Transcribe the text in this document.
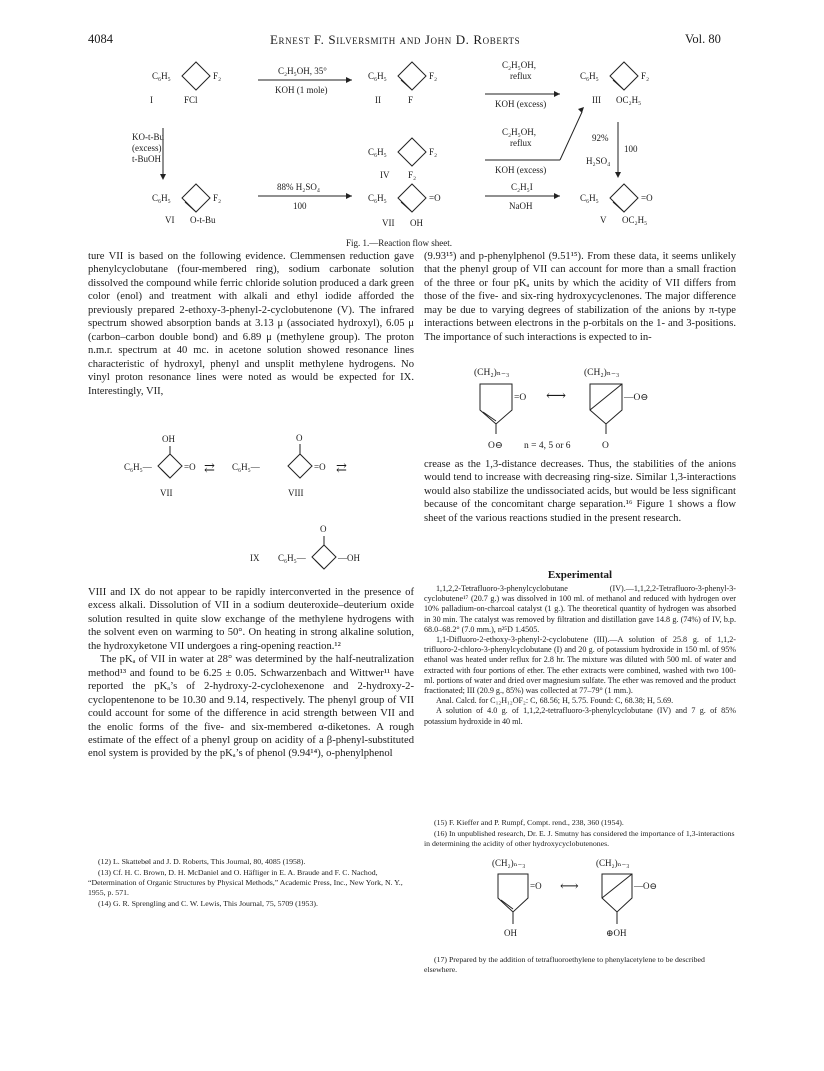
4084	Ernest F. Silversmith and John D. Roberts	Vol. 80
C₆H₅	F₂
FCl
I
C₆H₅	F₂
F
II
C₆H₅	F₂
OC₂H₅
III
C₆H₅	F₂
F₂
IV
C₆H₅	F₂
O-t-Bu
VI
C₆H₅	=O
OH
VII
C₆H₅	=O
OC₂H₅
V
C₂H₅OH, 35°
KOH (1 mole)
C₂H₅OH,
reflux
KOH (excess)
C₂H₅OH,
reflux
KOH (excess)
KO-t-Bu
(excess)
t-BuOH
88% H₂SO₄
100
C₂H₅I
NaOH
92%
H₂SO₄
100
Fig. 1.—Reaction flow sheet.

ture VII is based on the following evidence. Clemmensen reduction gave phenylcyclobutane (four-membered ring), sodium carbonate solution dissolved the compound while ferric chloride solution produced a dark green color (enol) and treatment with alkali and ethyl iodide afforded the previously prepared 2-ethoxy-3-phenyl-2-cyclobutenone (V). The infrared spectrum showed absorption bands at 3.13 μ (associated hydroxyl), 6.05 μ (carbon–carbon double bond) and 6.89 μ (methylene group). The proton n.m.r. spectrum at 40 mc. in acetone solution showed resonance lines characteristic of hydroxyl, phenyl and unsplit methylene hydrogens. No vinyl proton resonance lines were noted as would be expected for IX. Interestingly, VII,

OH
C₆H₅—	=O ⇄
O
C₆H₅—	=O ⇄
VII	VIII
O
C₆H₅—	—OH
IX

VIII and IX do not appear to be rapidly interconverted in the presence of excess alkali. Dissolution of VII in a sodium deuteroxide–deuterium oxide solution resulted in quite slow exchange of the methylene hydrogens with the solvent even on warming to 50°. On heating in strong alkaline solution, the hydroxyketone VII undergoes a ring-opening reaction.¹²

The pKₐ of VII in water at 28° was determined by the half-neutralization method¹³ and found to be 6.25 ± 0.05. Schwarzenbach and Wittwer¹¹ have reported the pKₐ’s of 2-hydroxy-2-cyclohexenone and 2-hydroxy-2-cyclopentenone to be 10.30 and 9.14, respectively. The phenyl group of VII could account for some of the difference in acid strength between VII and the enolic forms of the five- and six-membered α-diketones. A rough estimate of the effect of a phenyl group on acidity of a β-phenyl-substituted enol system is provided by the pKₐ’s of phenol (9.94¹⁴), o-phenylphenol

(12) L. Skattebøl and J. D. Roberts, This Journal, 80, 4085 (1958).

(13) Cf. H. C. Brown, D. H. McDaniel and O. Häfliger in E. A. Braude and F. C. Nachod, “Determination of Organic Structures by Physical Methods,” Academic Press, Inc., New York, N. Y., 1955, p. 571.

(14) G. R. Sprengling and C. W. Lewis, This Journal, 75, 5709 (1953).

(9.93¹⁵) and p-phenylphenol (9.51¹⁵). From these data, it seems unlikely that the phenyl group of VII can account for more than a small fraction of the three or four pKₐ units by which the acidity of VII differs from those of the five- and six-ring hydroxycyclenones. The major difference may be due to varying degrees of stabilization of the anions by π-type interactions between electrons in the p-orbitals on the 1- and 3-positions. The importance of such interactions is expected to in-

(CH₂)ₙ₋₃
=O ⟷
(CH₂)ₙ₋₃
—O⊖
O⊖ n = 4, 5 or 6	O

crease as the 1,3-distance decreases. Thus, the stabilities of the anions would tend to increase with decreasing ring-size. Similar 1,3-interactions would also stabilize the undissociated acids, but would be less significant because of the concomitant charge separation.¹⁶ Figure 1 shows a flow sheet of the various reactions studied in the present research.

Experimental

1,1,2,2-Tetrafluoro-3-phenylcyclobutane (IV).—1,1,2,2-Tetrafluoro-3-phenyl-3-cyclobutene¹⁷ (20.7 g.) was dissolved in 100 ml. of methanol and reduced with hydrogen over 10% palladium-on-charcoal catalyst (1 g.). The theoretical quantity of hydrogen was absorbed in 30 min. The catalyst was removed by filtration and distillation gave 14.8 g. (74%) of IV, b.p. 68.0–68.2° (7.0 mm.), n²⁵D 1.4505.

1,1-Difluoro-2-ethoxy-3-phenyl-2-cyclobutene (III).—A solution of 25.8 g. of 1,1,2-trifluoro-2-chloro-3-phenylcyclobutane (I) and 20 g. of potassium hydroxide in 150 ml. of 95% ethanol was heated under reflux for 2.8 hr. The mixture was diluted with 500 ml. of water and extracted with four portions of ether. The ether extracts were combined, washed with two 100-ml. portions of water and dried over magnesium sulfate. The ether was removed and the product fractionated; III (20.9 g., 85%) was collected at 77–79° (1 mm.).

Anal. Calcd. for C₁₂H₁₂OF₂: C, 68.56; H, 5.75. Found: C, 68.38; H, 5.69.

A solution of 4.0 g. of 1,1,2,2-tetrafluoro-3-phenylcyclobutane (IV) and 7 g. of 85% potassium hydroxide in 40 ml.

(15) F. Kieffer and P. Rumpf, Compt. rend., 238, 360 (1954).

(16) In unpublished research, Dr. E. J. Smutny has considered the importance of 1,3-interactions in determining the acidity of other hydroxycyclobutenones.

(CH₂)ₙ₋₃
=O ⟷
(CH₂)ₙ₋₃
—O⊖
OH	⊕OH

(17) Prepared by the addition of tetrafluoroethylene to phenylacetylene to be described elsewhere.
